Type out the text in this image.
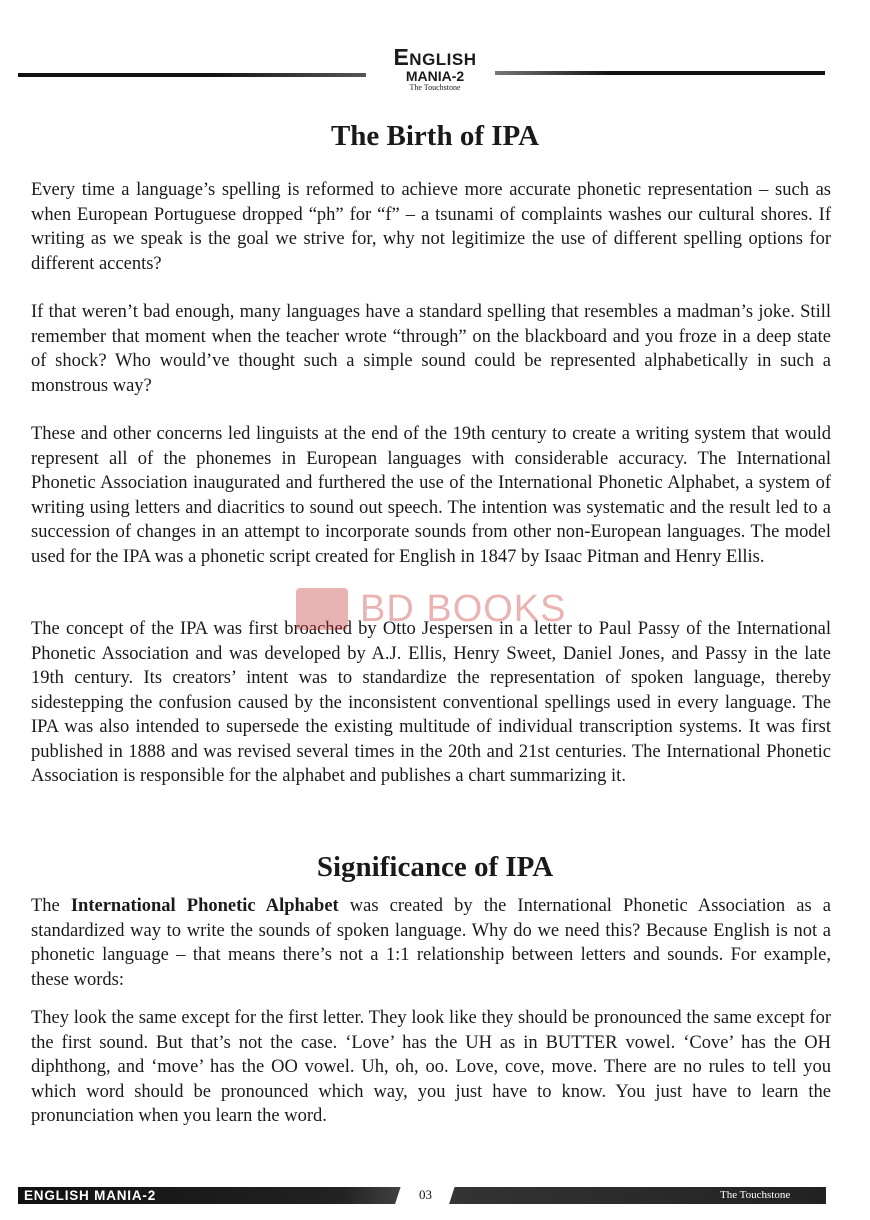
ENGLISH
MANIA-2
The Touchstone
The Birth of IPA

Every time a language’s spelling is reformed to achieve more accurate phonetic representation – such as when European Portuguese dropped “ph” for “f” – a tsunami of complaints washes our cultural shores. If writing as we speak is the goal we strive for, why not legitimize the use of different spelling options for different accents?

If that weren’t bad enough, many languages have a standard spelling that resembles a madman’s joke. Still remember that moment when the teacher wrote “through” on the blackboard and you froze in a deep state of shock? Who would’ve thought such a simple sound could be represented alphabetically in such a monstrous way?

These and other concerns led linguists at the end of the 19th century to create a writing system that would represent all of the phonemes in European languages with considerable accuracy. The International Phonetic Association inaugurated and furthered the use of the International Phonetic Alphabet, a system of writing using letters and diacritics to sound out speech. The intention was systematic and the result led to a succession of changes in an attempt to incorporate sounds from other non-European languages. The model used for the IPA was a phonetic script created for English in 1847 by Isaac Pitman and Henry Ellis.

The concept of the IPA was first broached by Otto Jespersen in a letter to Paul Passy of the International Phonetic Association and was developed by A.J. Ellis, Henry Sweet, Daniel Jones, and Passy in the late 19th century. Its creators’ intent was to standardize the representation of spoken language, thereby sidestepping the confusion caused by the inconsistent conventional spellings used in every language. The IPA was also intended to supersede the existing multitude of individual transcription systems. It was first published in 1888 and was revised several times in the 20th and 21st centuries. The International Phonetic Association is responsible for the alphabet and publishes a chart summarizing it.

BD BOOKS
Significance of IPA

The International Phonetic Alphabet was created by the International Phonetic Association as a standardized way to write the sounds of spoken language. Why do we need this? Because English is not a phonetic language – that means there’s not a 1:1 relationship between letters and sounds. For example, these words:

They look the same except for the first letter. They look like they should be pronounced the same except for the first sound. But that’s not the case. ‘Love’ has the UH as in BUTTER vowel. ‘Cove’ has the OH diphthong, and ‘move’ has the OO vowel. Uh, oh, oo. Love, cove, move. There are no rules to tell you which word should be pronounced which way, you just have to know. You just have to learn the pronunciation when you learn the word.

ENGLISH MANIA-2	03	The Touchstone
